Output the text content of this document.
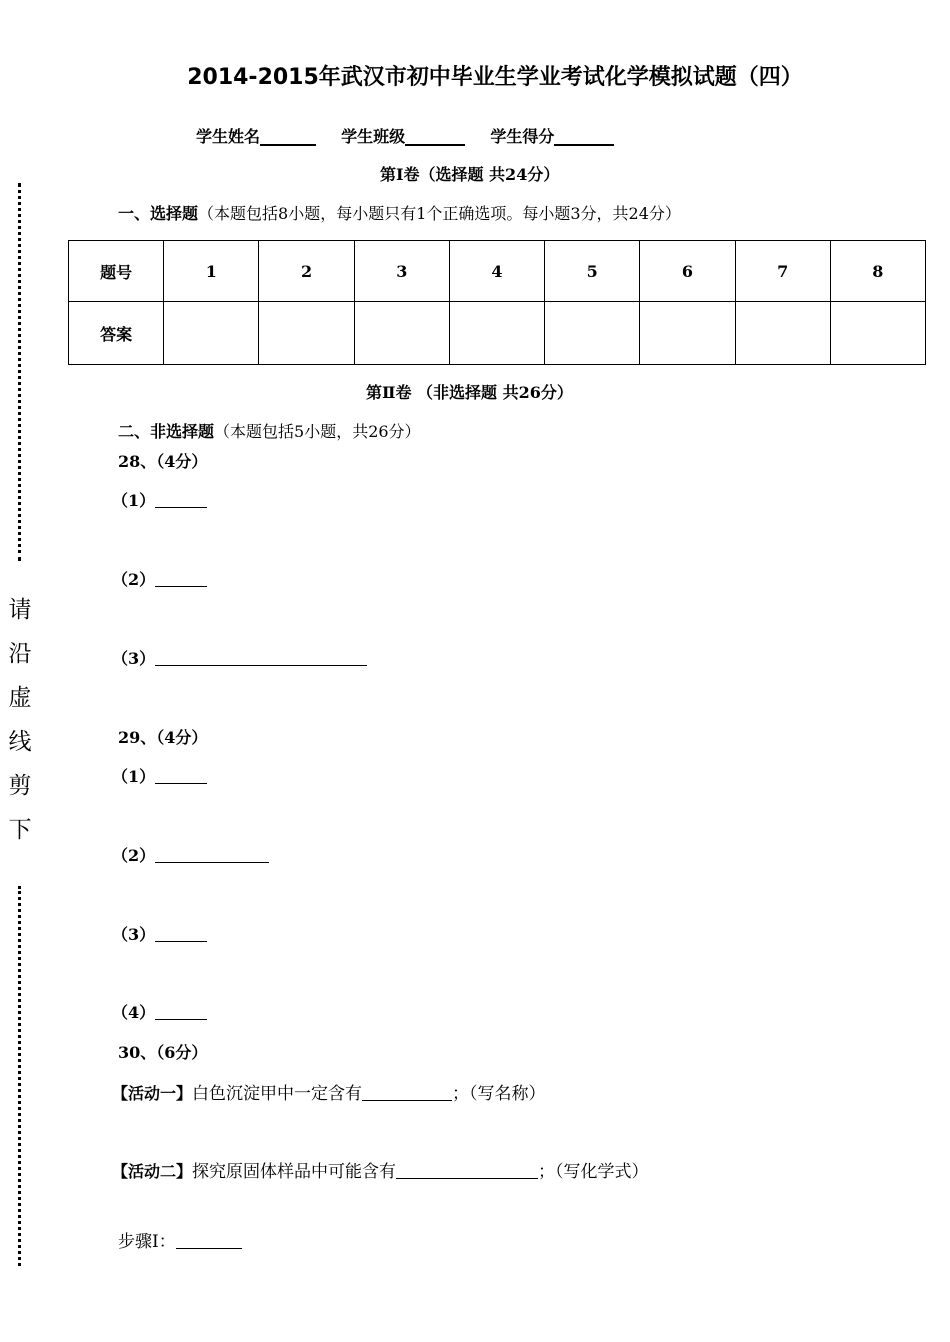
请
沿
虚
线
剪
下
2014-2015年武汉市初中毕业生学业考试化学模拟试题（四）
学生姓名	学生班级	学生得分
第Ⅰ卷（选择题 共24分）
一、选择题（本题包括8小题，每小题只有1个正确选项。每小题3分，共24分）
题号	1	2	3	4	5	6	7	8
答案								
第Ⅱ卷 （非选择题 共26分）
二、非选择题（本题包括5小题，共26分）
28、（4分）
（1）
（2）
（3）
29、（4分）
（1）
（2）
（3）
（4）
30、（6分）
【活动一】白色沉淀甲中一定含有	；（写名称）
【活动二】探究原固体样品中可能含有	；（写化学式）
步骤Ⅰ：
